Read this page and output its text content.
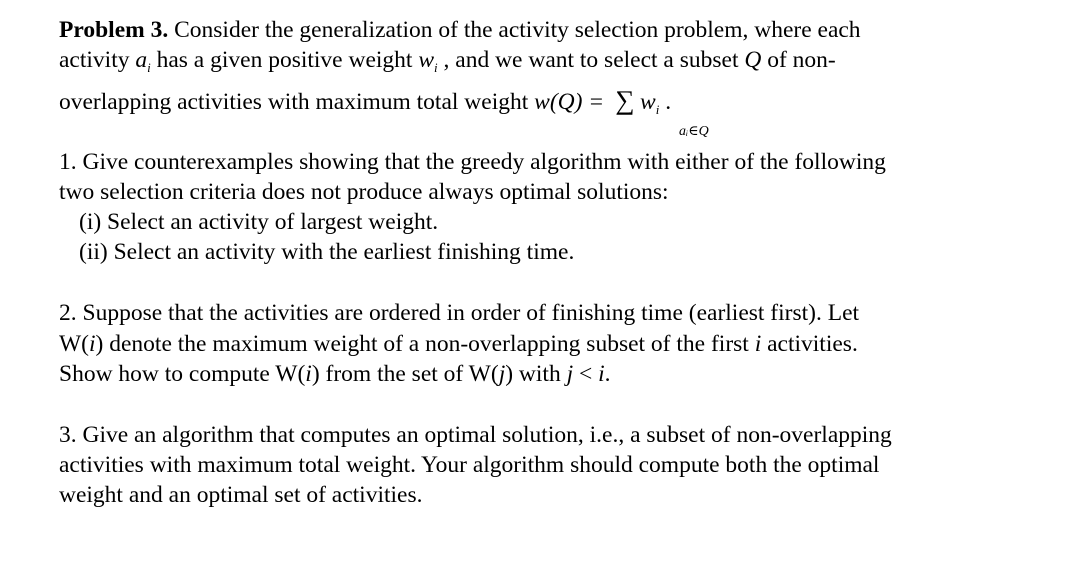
Problem 3. Consider the generalization of the activity selection problem, where each
activity $a_i$ has a given positive weight $w_i$ , and we want to select a subset Q of non-
overlapping activities with maximum total weight w(Q) = ∑ $w_i$ .
aᵢ∈Q
1. Give counterexamples showing that the greedy algorithm with either of the following
two selection criteria does not produce always optimal solutions:
(i) Select an activity of largest weight.
(ii) Select an activity with the earliest finishing time.
2. Suppose that the activities are ordered in order of finishing time (earliest first). Let
W(i) denote the maximum weight of a non-overlapping subset of the first i activities.
Show how to compute W(i) from the set of W(j) with j < i.
3. Give an algorithm that computes an optimal solution, i.e., a subset of non-overlapping
activities with maximum total weight. Your algorithm should compute both the optimal
weight and an optimal set of activities.
